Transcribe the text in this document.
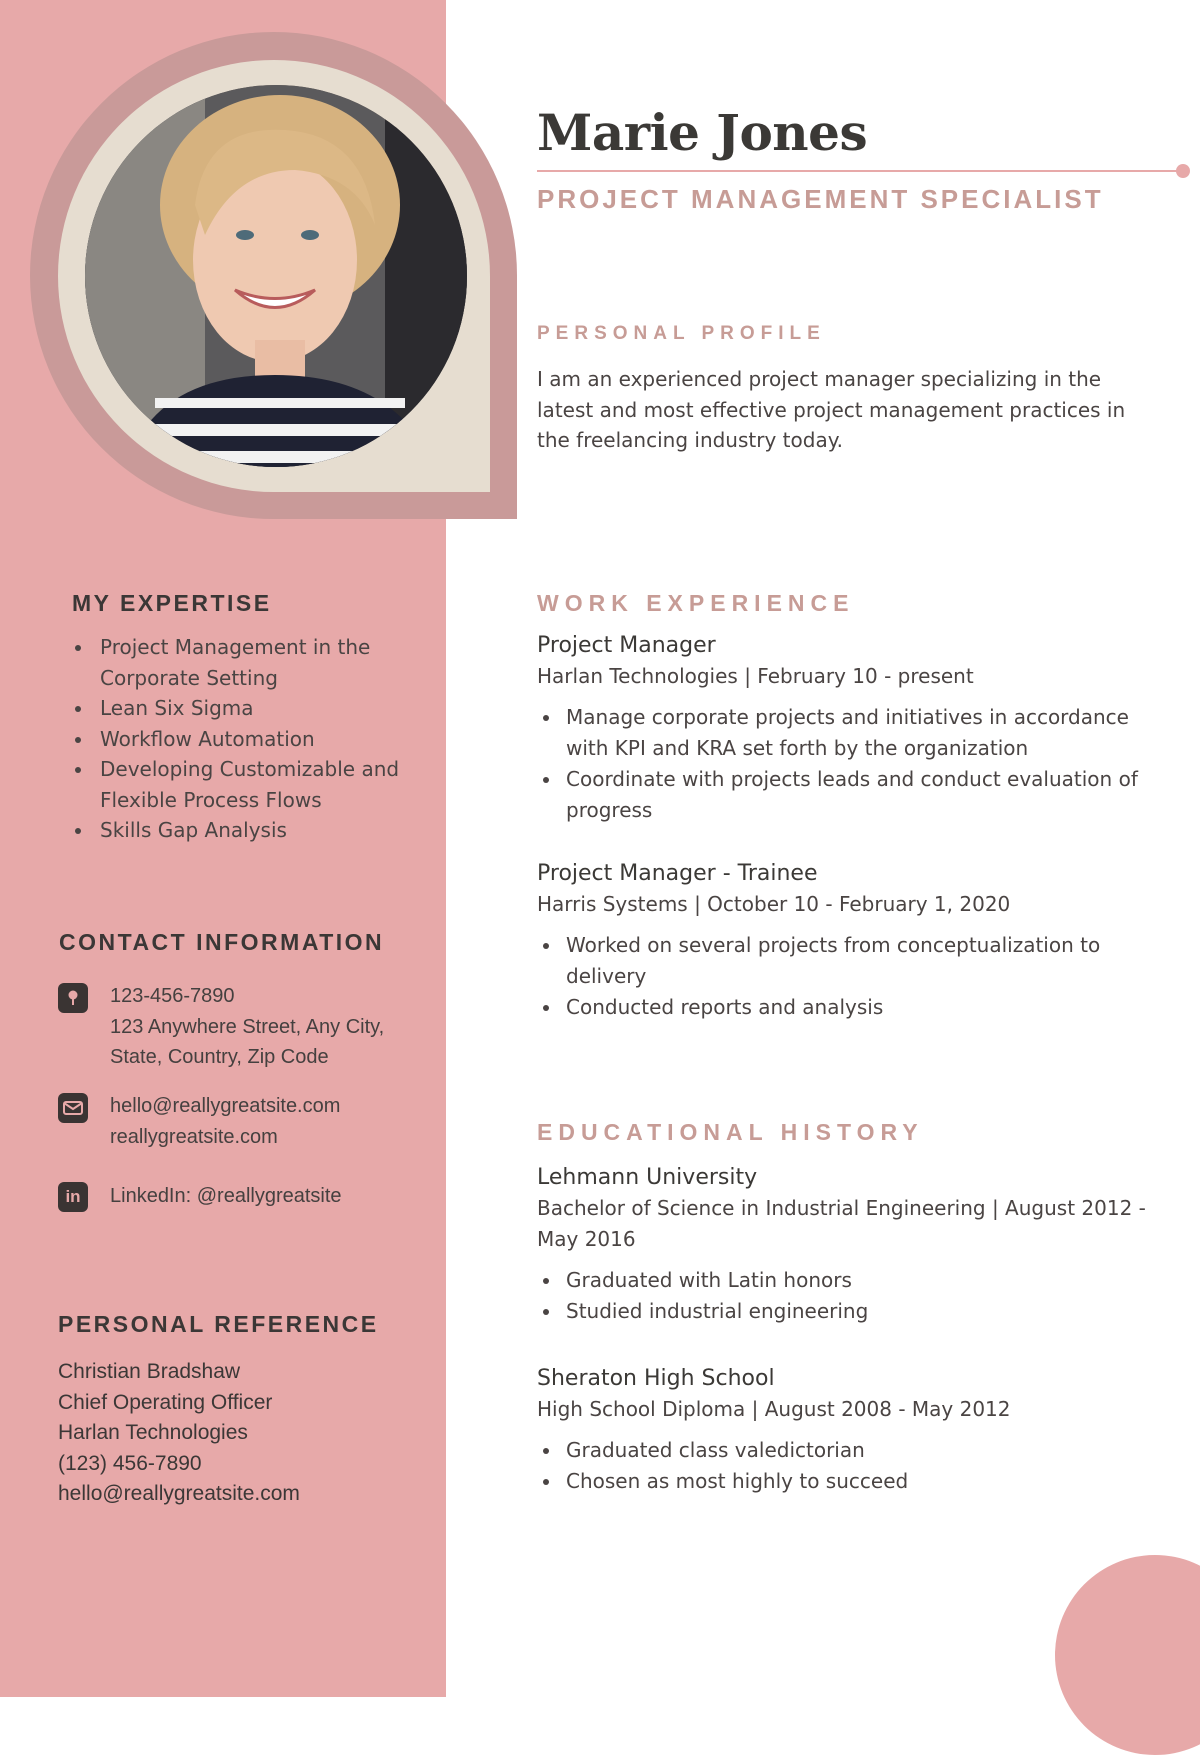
Marie Jones
PROJECT MANAGEMENT SPECIALIST
PERSONAL PROFILE

I am an experienced project manager specializing in the latest and most effective project management practices in the freelancing industry today.

WORK EXPERIENCE

Project Manager

Harlan Technologies | February 10 - present

Manage corporate projects and initiatives in accordance with KPI and KRA set forth by the organization
Coordinate with projects leads and conduct evaluation of progress

Project Manager - Trainee

Harris Systems | October 10 - February 1, 2020

Worked on several projects from conceptualization to delivery
Conducted reports and analysis
EDUCATIONAL HISTORY

Lehmann University

Bachelor of Science in Industrial Engineering | August 2012 - May 2016

Graduated with Latin honors
Studied industrial engineering

Sheraton High School

High School Diploma | August 2008 - May 2012

Graduated class valedictorian
Chosen as most highly to succeed
MY EXPERTISE
Project Management in the Corporate Setting
Lean Six Sigma
Workflow Automation
Developing Customizable and Flexible Process Flows
Skills Gap Analysis
CONTACT INFORMATION

123-456-7890
123 Anywhere Street, Any City, State, Country, Zip Code

hello@reallygreatsite.com
reallygreatsite.com

in	LinkedIn: @reallygreatsite

PERSONAL REFERENCE

Christian Bradshaw
Chief Operating Officer
Harlan Technologies
(123) 456-7890
hello@reallygreatsite.com
